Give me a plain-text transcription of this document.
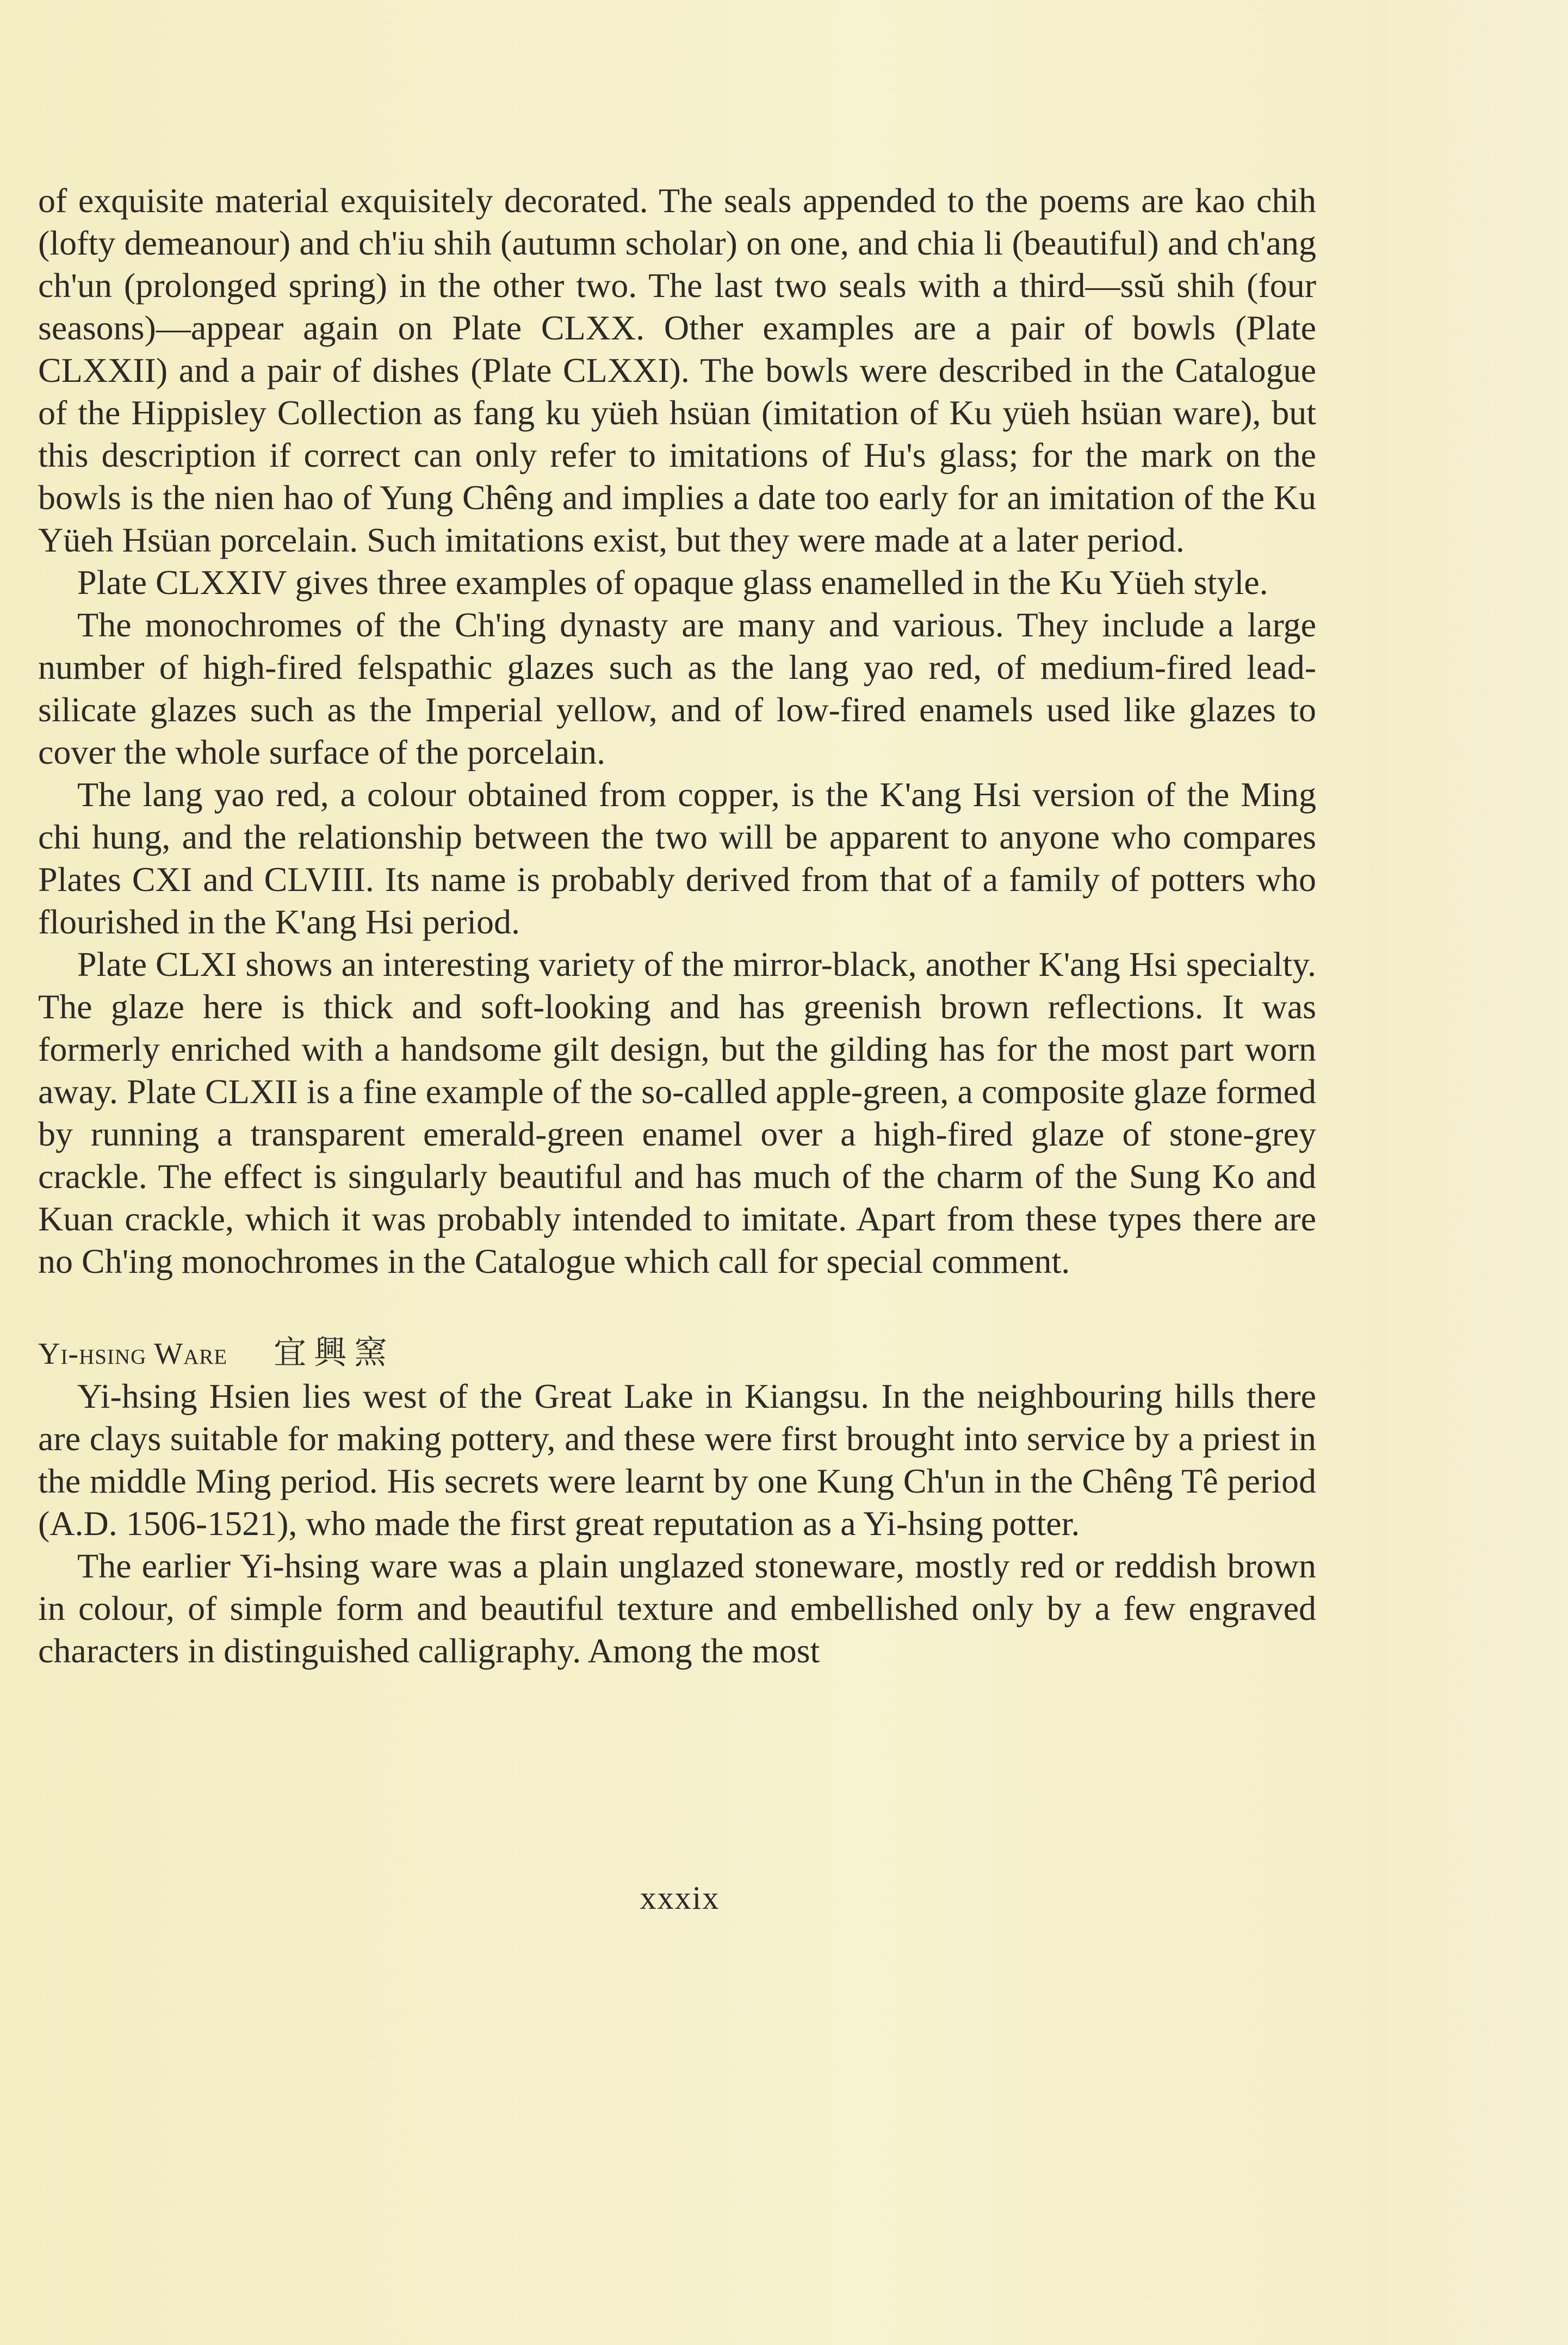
of exquisite material exquisitely decorated. The seals appended to the poems are kao chih (lofty demeanour) and ch'iu shih (autumn scholar) on one, and chia li (beautiful) and ch'ang ch'un (prolonged spring) in the other two. The last two seals with a third—ssŭ shih (four seasons)—appear again on Plate CLXX. Other examples are a pair of bowls (Plate CLXXII) and a pair of dishes (Plate CLXXI). The bowls were described in the Catalogue of the Hippisley Collection as fang ku yüeh hsüan (imitation of Ku yüeh hsüan ware), but this description if correct can only refer to imitations of Hu's glass; for the mark on the bowls is the nien hao of Yung Chêng and implies a date too early for an imitation of the Ku Yüeh Hsüan porcelain. Such imitations exist, but they were made at a later period.

Plate CLXXIV gives three examples of opaque glass enamelled in the Ku Yüeh style.

The monochromes of the Ch'ing dynasty are many and various. They include a large number of high-fired felspathic glazes such as the lang yao red, of medium-fired lead-silicate glazes such as the Imperial yellow, and of low-fired enamels used like glazes to cover the whole surface of the porcelain.

The lang yao red, a colour obtained from copper, is the K'ang Hsi version of the Ming chi hung, and the relationship between the two will be apparent to anyone who compares Plates CXI and CLVIII. Its name is probably derived from that of a family of potters who flourished in the K'ang Hsi period.

Plate CLXI shows an interesting variety of the mirror-black, another K'ang Hsi specialty. The glaze here is thick and soft-looking and has greenish brown reflections. It was formerly enriched with a handsome gilt design, but the gilding has for the most part worn away. Plate CLXII is a fine example of the so-called apple-green, a composite glaze formed by running a transparent emerald-green enamel over a high-fired glaze of stone-grey crackle. The effect is singularly beautiful and has much of the charm of the Sung Ko and Kuan crackle, which it was probably intended to imitate. Apart from these types there are no Ch'ing monochromes in the Catalogue which call for special comment.

Yi-hsing Ware 宜興窯

Yi-hsing Hsien lies west of the Great Lake in Kiangsu. In the neighbouring hills there are clays suitable for making pottery, and these were first brought into service by a priest in the middle Ming period. His secrets were learnt by one Kung Ch'un in the Chêng Tê period (A.D. 1506-1521), who made the first great reputation as a Yi-hsing potter.

The earlier Yi-hsing ware was a plain unglazed stoneware, mostly red or reddish brown in colour, of simple form and beautiful texture and embellished only by a few engraved characters in distinguished calligraphy. Among the most

xxxix
